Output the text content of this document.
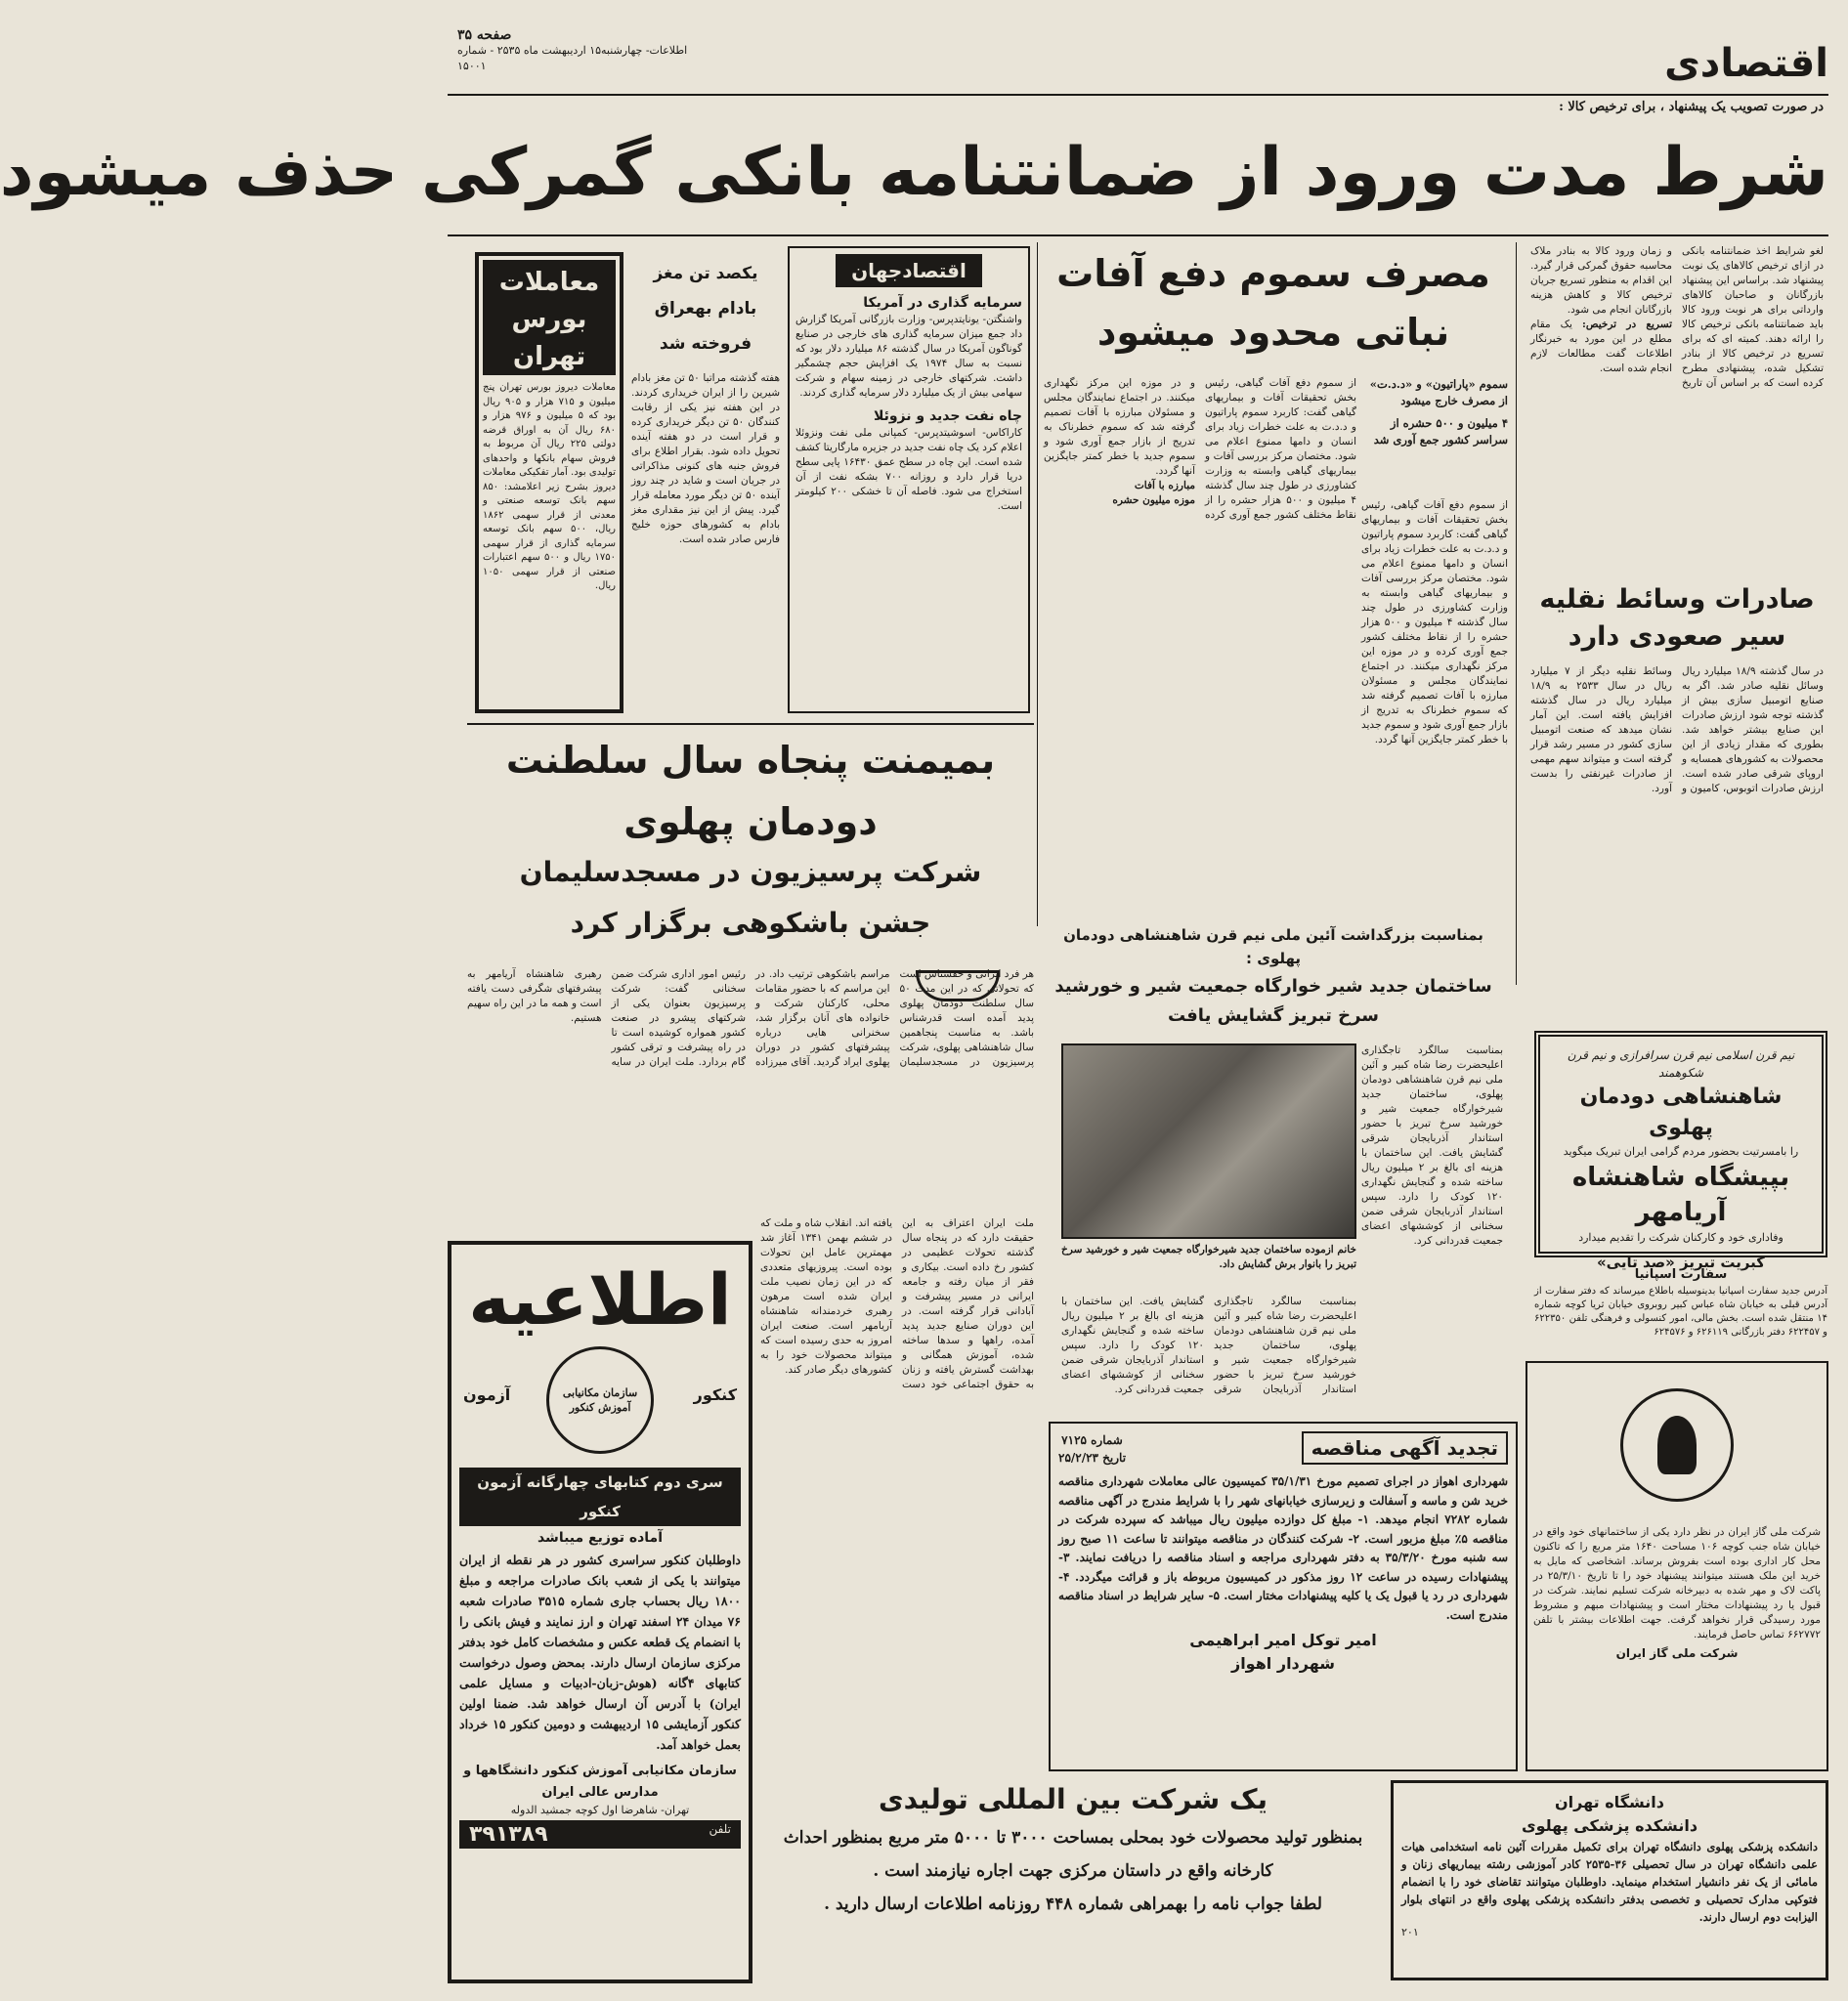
اقتصادی
صفحه ۳۵
اطلاعات- چهارشنبه۱۵ اردیبهشت ماه ۲۵۳۵ - شماره ۱۵۰۰۱
در صورت تصویب یک پیشنهاد ، برای ترخیص کالا :
شرط مدت ورود از ضمانتنامه بانکی گمرکی حذف میشود
لغو شرایط اخذ ضمانتنامه بانکی در ازای ترخیص کالاهای یک نوبت پیشنهاد شد. براساس این پیشنهاد بازرگانان و صاحبان کالاهای وارداتی برای هر نوبت ورود کالا باید ضمانتنامه بانکی ترخیص کالا را ارائه دهند. کمیته ای که برای تسریع در ترخیص کالا از بنادر تشکیل شده، پیشنهادی مطرح کرده است که بر اساس آن تاریخ و زمان ورود کالا به بنادر ملاک محاسبه حقوق گمرکی قرار گیرد. این اقدام به منظور تسریع جریان ترخیص کالا و کاهش هزینه بازرگانان انجام می شود.
تسریع در ترخیص: یک مقام مطلع در این مورد به خبرنگار اطلاعات گفت مطالعات لازم انجام شده است.
صادرات وسائط نقلیه سیر صعودی دارد
در سال گذشته ۱۸/۹ میلیارد ریال وسائل نقلیه صادر شد. اگر به صنایع اتومبیل سازی بیش از گذشته توجه شود ارزش صادرات این صنایع بیشتر خواهد شد. بطوری که مقدار زیادی از این محصولات به کشورهای همسایه و اروپای شرقی صادر شده است. ارزش صادرات اتوبوس، کامیون و وسائط نقلیه دیگر از ۷ میلیارد ریال در سال ۲۵۳۳ به ۱۸/۹ میلیارد ریال در سال گذشته افزایش یافته است. این آمار نشان میدهد که صنعت اتومبیل سازی کشور در مسیر رشد قرار گرفته است و میتواند سهم مهمی از صادرات غیرنفتی را بدست آورد.
مصرف سموم دفع آفات نباتی محدود میشود
سموم «پاراتیون» و «د.د.ت» از مصرف خارج میشود
۴ میلیون و ۵۰۰ حشره از سراسر کشور جمع آوری شد
از سموم دفع آفات گیاهی، رئیس بخش تحقیقات آفات و بیماریهای گیاهی گفت: کاربرد سموم پاراتیون و د.د.ت به علت خطرات زیاد برای انسان و دامها ممنوع اعلام می شود. مختصان مرکز بررسی آفات و بیماریهای گیاهی وابسته به وزارت کشاورزی در طول چند سال گذشته ۴ میلیون و ۵۰۰ هزار حشره را از نقاط مختلف کشور جمع آوری کرده و در موزه این مرکز نگهداری میکنند. در اجتماع نمایندگان مجلس و مسئولان مبارزه با آفات تصمیم گرفته شد که سموم خطرناک به تدریج از بازار جمع آوری شود و سموم جدید با خطر کمتر جایگزین آنها گردد.
مبارزه با آفات
موزه میلیون حشره	از سموم دفع آفات گیاهی، رئیس بخش تحقیقات آفات و بیماریهای گیاهی گفت: کاربرد سموم پاراتیون و د.د.ت به علت خطرات زیاد برای انسان و دامها ممنوع اعلام می شود. مختصان مرکز بررسی آفات و بیماریهای گیاهی وابسته به وزارت کشاورزی در طول چند سال گذشته ۴ میلیون و ۵۰۰ هزار حشره را از نقاط مختلف کشور جمع آوری کرده و در موزه این مرکز نگهداری میکنند. در اجتماع نمایندگان مجلس و مسئولان مبارزه با آفات تصمیم گرفته شد که سموم خطرناک به تدریج از بازار جمع آوری شود و سموم جدید با خطر کمتر جایگزین آنها گردد.
اقتصادجهان
سرمایه گذاری در آمریکا
واشنگتن- یونایتدپرس- وزارت بازرگانی آمریکا گزارش داد جمع میزان سرمایه گذاری های خارجی در صنایع گوناگون آمریکا در سال گذشته ۸۶ میلیارد دلار بود که نسبت به سال ۱۹۷۴ یک افزایش حجم چشمگیر داشت. شرکتهای خارجی در زمینه سهام و شرکت سهامی بیش از یک میلیارد دلار سرمایه گذاری کردند.
چاه نفت جدید و نزوئلا
کاراکاس- اسوشیتدپرس- کمپانی ملی نفت ونزوئلا اعلام کرد یک چاه نفت جدید در جزیره مارگاریتا کشف شده است. این چاه در سطح عمق ۱۶۴۳۰ پایی سطح دریا قرار دارد و روزانه ۷۰۰ بشکه نفت از آن استخراج می شود. فاصله آن تا خشکی ۲۰۰ کیلومتر است.
یکصد تن مغز بادام بهعراق فروخته شد
هفته گذشته مراتبا ۵۰ تن مغز بادام شیرین را از ایران خریداری کردند. در این هفته نیز یکی از رقابت کنندگان ۵۰ تن دیگر خریداری کرده و قرار است در دو هفته آینده تحویل داده شود. بقرار اطلاع برای فروش جنبه های کنونی مذاکراتی در جریان است و شاید در چند روز آینده ۵۰ تن دیگر مورد معامله قرار گیرد. پیش از این نیز مقداری مغز بادام به کشورهای حوزه خلیج فارس صادر شده است.
معاملات بورس تهران
معاملات دیروز بورس تهران پنج میلیون و ۷۱۵ هزار و ۹۰۵ ریال بود که ۵ میلیون و ۹۷۶ هزار و ۶۸۰ ریال آن به اوراق قرضه دولتی ۲۲۵ ریال آن مربوط به فروش سهام بانکها و واحدهای تولیدی بود. آمار تفکیکی معاملات دیروز بشرح زیر اعلامشد: ۸۵۰ سهم بانک توسعه صنعتی و معدنی از قرار سهمی ۱۸۶۲ ریال، ۵۰۰ سهم بانک توسعه سرمایه گذاری از قرار سهمی ۱۷۵۰ ریال و ۵۰۰ سهم اعتبارات صنعتی از قرار سهمی ۱۰۵۰ ریال.
بمیمنت پنجاه سال سلطنت
دودمان پهلوی
شرکت پرسیزیون در مسجدسلیمان
جشن باشکوهی برگزار کرد
هر فرد ایرانی و حقشناس است که تحولاتی که در این مدت ۵۰ سال سلطنت دودمان پهلوی پدید آمده است قدرشناس باشد. به مناسبت پنجاهمین سال شاهنشاهی پهلوی، شرکت پرسیزیون در مسجدسلیمان مراسم باشکوهی ترتیب داد. در این مراسم که با حضور مقامات محلی، کارکنان شرکت و خانواده های آنان برگزار شد، سخنرانی هایی درباره پیشرفتهای کشور در دوران پهلوی ایراد گردید. آقای میرزاده رئیس امور اداری شرکت ضمن سخنانی گفت: شرکت پرسیزیون بعنوان یکی از شرکتهای پیشرو در صنعت کشور همواره کوشیده است تا در راه پیشرفت و ترقی کشور گام بردارد. ملت ایران در سایه رهبری شاهنشاه آریامهر به پیشرفتهای شگرفی دست یافته است و همه ما در این راه سهیم هستیم.
اطلاعیه
سازمان مکانیابی آموزش کنکور
کنکور
آزمون
سری دوم کتابهای چهارگانه آزمون کنکور
آماده توزیع میباشد
داوطلبان کنکور سراسری کشور در هر نقطه از ایران میتوانند با یکی از شعب بانک صادرات مراجعه و مبلغ ۱۸۰۰ ریال بحساب جاری شماره ۳۵۱۵ صادرات شعبه ۷۶ میدان ۲۴ اسفند تهران و ارز نمایند و فیش بانکی را با انضمام یک قطعه عکس و مشخصات کامل خود بدفتر مرکزی سازمان ارسال دارند. بمحض وصول درخواست کتابهای ۴گانه (هوش-زبان-ادبیات و مسایل علمی ایران) با آدرس آن ارسال خواهد شد. ضمنا اولین کنکور آزمایشی ۱۵ اردیبهشت و دومین کنکور ۱۵ خرداد بعمل خواهد آمد.
سازمان مکانیابی آموزش کنکور دانشگاهها و مدارس عالی ایران
تهران- شاهرضا اول کوچه جمشید الدوله
تلفن
۳۹۱۳۸۹
ملت ایران اعتراف به این حقیقت دارد که در پنجاه سال گذشته تحولات عظیمی در کشور رخ داده است. بیکاری و فقر از میان رفته و جامعه ایرانی در مسیر پیشرفت و آبادانی قرار گرفته است. در این دوران صنایع جدید پدید آمده، راهها و سدها ساخته شده، آموزش همگانی و بهداشت گسترش یافته و زنان به حقوق اجتماعی خود دست یافته اند. انقلاب شاه و ملت که در ششم بهمن ۱۳۴۱ آغاز شد مهمترین عامل این تحولات بوده است. پیروزیهای متعددی که در این زمان نصیب ملت ایران شده است مرهون رهبری خردمندانه شاهنشاه آریامهر است. صنعت ایران امروز به حدی رسیده است که میتواند محصولات خود را به کشورهای دیگر صادر کند.
بمناسبت بزرگداشت آئین ملی نیم قرن شاهنشاهی دودمان پهلوی :
ساختمان جدید شیر خوارگاه جمعیت شیر و خورشید سرخ تبریز گشایش یافت
خانم ازموده ساختمان جدید شیرخوارگاه جمعیت شیر و خورشید سرخ تبریز را بانوار برش گشایش داد.
بمناسبت سالگرد تاجگذاری اعلیحضرت رضا شاه کبیر و آئین ملی نیم قرن شاهنشاهی دودمان پهلوی، ساختمان جدید شیرخوارگاه جمعیت شیر و خورشید سرخ تبریز با حضور استاندار آذربایجان شرقی گشایش یافت. این ساختمان با هزینه ای بالغ بر ۲ میلیون ریال ساخته شده و گنجایش نگهداری ۱۲۰ کودک را دارد. سپس استاندار آذربایجان شرقی ضمن سخنانی از کوششهای اعضای جمعیت قدردانی کرد.
بمناسبت سالگرد تاجگذاری اعلیحضرت رضا شاه کبیر و آئین ملی نیم قرن شاهنشاهی دودمان پهلوی، ساختمان جدید شیرخوارگاه جمعیت شیر و خورشید سرخ تبریز با حضور استاندار آذربایجان شرقی گشایش یافت. این ساختمان با هزینه ای بالغ بر ۲ میلیون ریال ساخته شده و گنجایش نگهداری ۱۲۰ کودک را دارد. سپس استاندار آذربایجان شرقی ضمن سخنانی از کوششهای اعضای جمعیت قدردانی کرد.
نیم قرن اسلامی نیم قرن سرافرازی و نیم قرن شکوهمند
شاهنشاهی دودمان پهلوی
را بامسرتیت بحضور مردم گرامی ایران تبریک میگوید
بپیشگاه شاهنشاه آریامهر
وفاداری خود و کارکنان شرکت را تقدیم میدارد
کبریت تبریز «صد تایی»
سفارت اسپانیا
آدرس جدید سفارت اسپانیا بدینوسیله باطلاع میرساند که دفتر سفارت از آدرس قبلی به خیابان شاه عباس کبیر روبروی خیابان ثریا کوچه شماره ۱۴ منتقل شده است. بخش مالی، امور کنسولی و فرهنگی تلفن ۶۲۲۳۵۰ و ۶۲۲۴۵۷ دفتر بازرگانی ۶۲۶۱۱۹ و ۶۲۴۵۷۶
شرکت ملی گاز ایران در نظر دارد یکی از ساختمانهای خود واقع در خیابان شاه جنب کوچه ۱۰۶ مساحت ۱۶۴۰ متر مربع را که تاکنون محل کار اداری بوده است بفروش برساند. اشخاصی که مایل به خرید این ملک هستند میتوانند پیشنهاد خود را تا تاریخ ۲۵/۳/۱۰ در پاکت لاک و مهر شده به دبیرخانه شرکت تسلیم نمایند. شرکت در قبول یا رد پیشنهادات مختار است و پیشنهادات مبهم و مشروط مورد رسیدگی قرار نخواهد گرفت. جهت اطلاعات بیشتر با تلفن ۶۶۲۷۷۲ تماس حاصل فرمایند.
شرکت ملی گاز ایران
تجدید آگهی مناقصه
شماره ۷۱۲۵
تاریخ ۲۵/۲/۲۳
شهرداری اهواز در اجرای تصمیم مورخ ۳۵/۱/۳۱ کمیسیون عالی معاملات شهرداری مناقصه خرید شن و ماسه و آسفالت و زیرسازی خیابانهای شهر را با شرایط مندرج در آگهی مناقصه شماره ۷۲۸۲ انجام میدهد. ۱- مبلغ کل دوازده میلیون ریال میباشد که سپرده شرکت در مناقصه ۵٪ مبلغ مزبور است. ۲- شرکت کنندگان در مناقصه میتوانند تا ساعت ۱۱ صبح روز سه شنبه مورخ ۳۵/۳/۲۰ به دفتر شهرداری مراجعه و اسناد مناقصه را دریافت نمایند. ۳- پیشنهادات رسیده در ساعت ۱۲ روز مذکور در کمیسیون مربوطه باز و قرائت میگردد. ۴- شهرداری در رد یا قبول یک یا کلیه پیشنهادات مختار است. ۵- سایر شرایط در اسناد مناقصه مندرج است.
امیر توکل امیر ابراهیمی
شهردار اهواز
یک شرکت بین المللی تولیدی
بمنظور تولید محصولات خود بمحلی بمساحت ۳۰۰۰ تا ۵۰۰۰ متر مربع بمنظور احداث کارخانه واقع در داستان مرکزی جهت اجاره نیازمند است .
لطفا جواب نامه را بهمراهی شماره ۴۴۸ روزنامه اطلاعات ارسال دارید .
دانشگاه تهران
دانشکده پزشکی پهلوی
دانشکده پزشکی پهلوی دانشگاه تهران برای تکمیل مقررات آئین نامه استخدامی هیات علمی دانشگاه تهران در سال تحصیلی ۳۶-۲۵۳۵ کادر آموزشی رشته بیماریهای زنان و مامائی از یک نفر دانشیار استخدام مینماید. داوطلبان میتوانند تقاضای خود را با انضمام فتوکپی مدارک تحصیلی و تخصصی بدفتر دانشکده پزشکی پهلوی واقع در انتهای بلوار الیزابت دوم ارسال دارند.
۲۰۱
